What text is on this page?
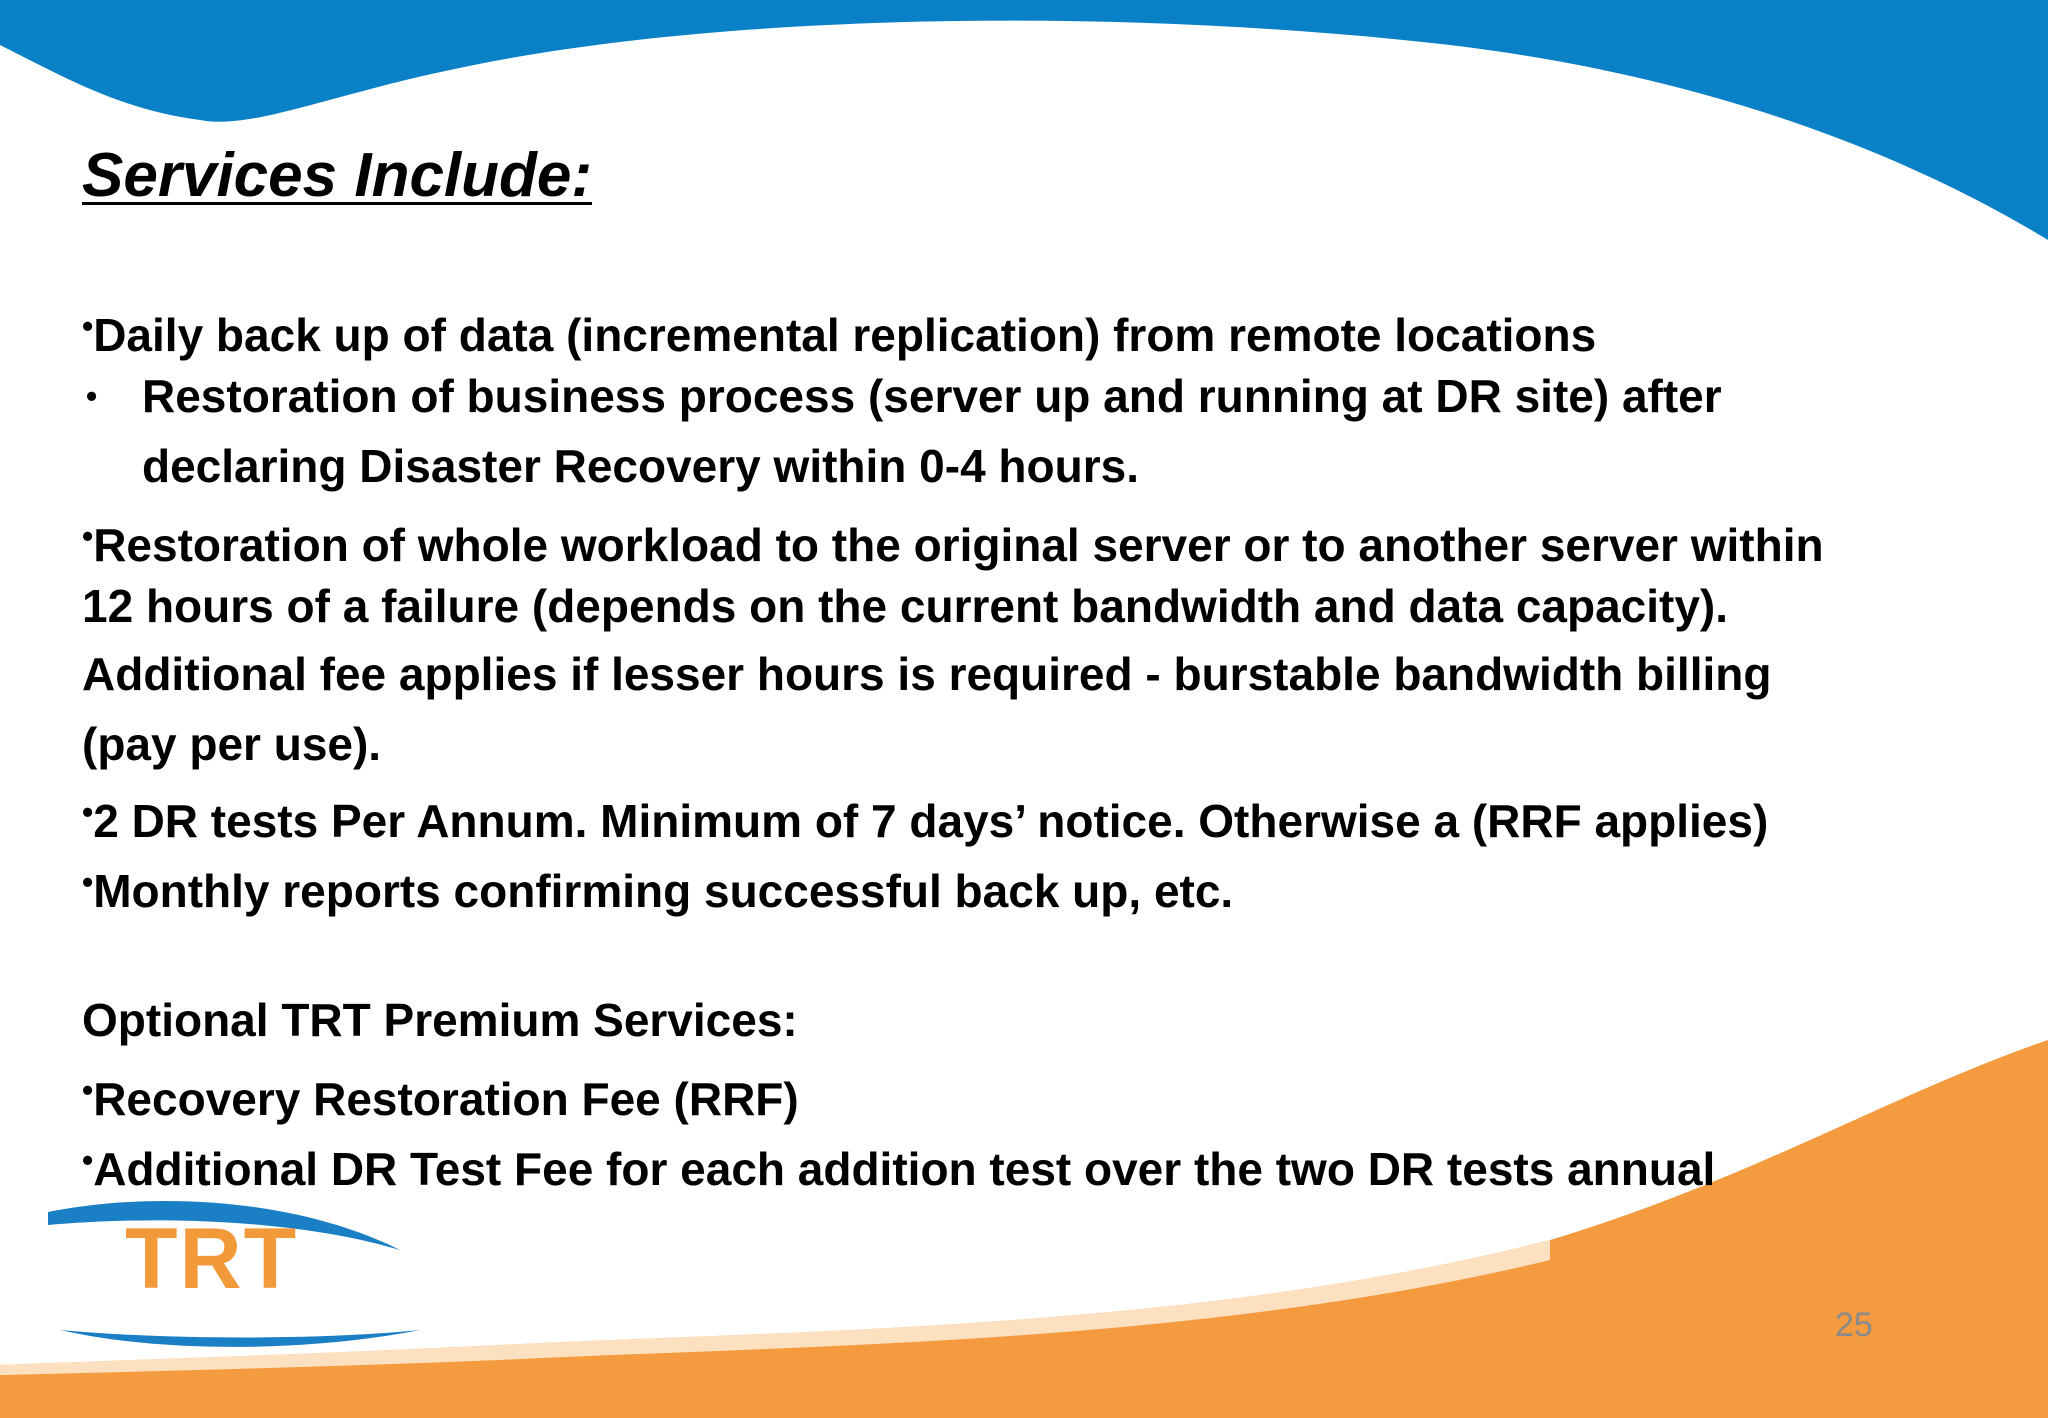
Services Include:
•Daily back up of data (incremental replication) from remote locations
• Restoration of business process (server up and running at DR site) after
declaring Disaster Recovery within 0-4 hours.
•Restoration of whole workload to the original server or to another server within
12 hours of a failure (depends on the current bandwidth and data capacity).
Additional fee applies if lesser hours is required - burstable bandwidth billing
(pay per use).
•2 DR tests Per Annum. Minimum of 7 days’ notice. Otherwise a (RRF applies)
•Monthly reports confirming successful back up, etc.
Optional TRT Premium Services:
•Recovery Restoration Fee (RRF)
•Additional DR Test Fee for each addition test over the two DR tests annual
TRT
25
